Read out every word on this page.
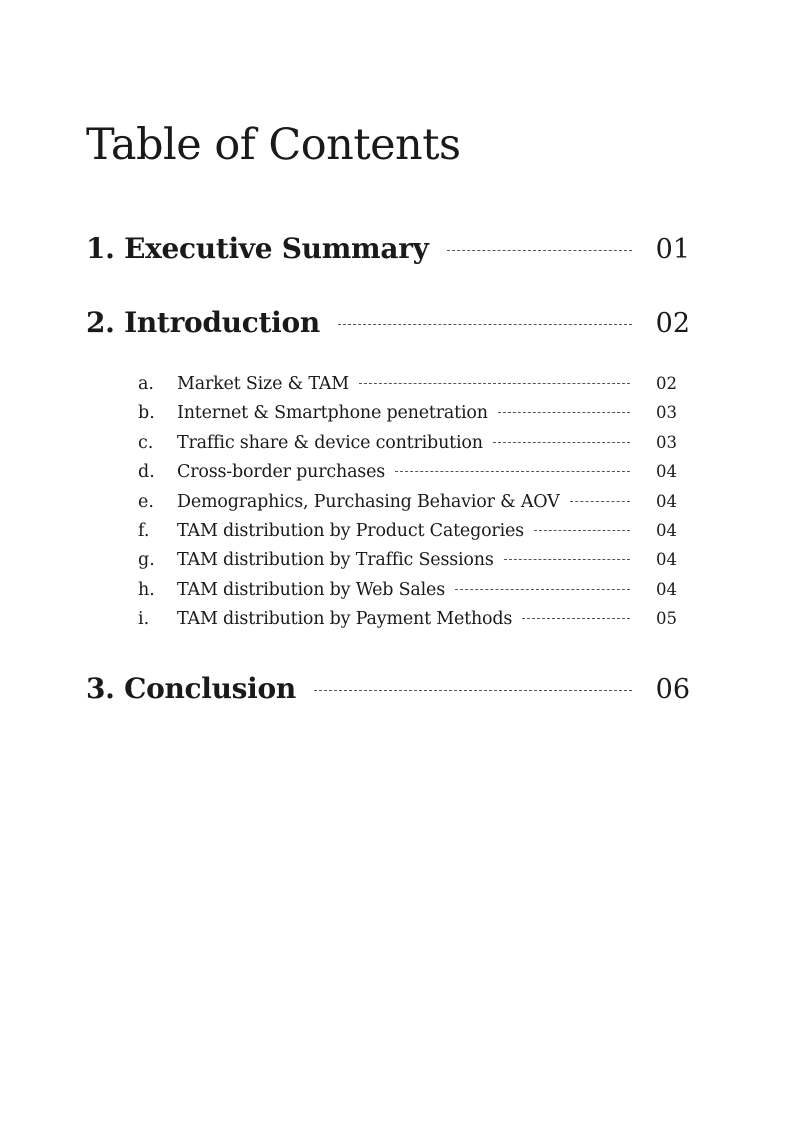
Table of Contents
1. Executive Summary	01
2. Introduction	02
a.	Market Size & TAM	02
b.	Internet & Smartphone penetration	03
c.	Traffic share & device contribution	03
d.	Cross-border purchases	04
e.	Demographics, Purchasing Behavior & AOV	04
f.	TAM distribution by Product Categories	04
g.	TAM distribution by Traffic Sessions	04
h.	TAM distribution by Web Sales	04
i.	TAM distribution by Payment Methods	05
3. Conclusion	06
